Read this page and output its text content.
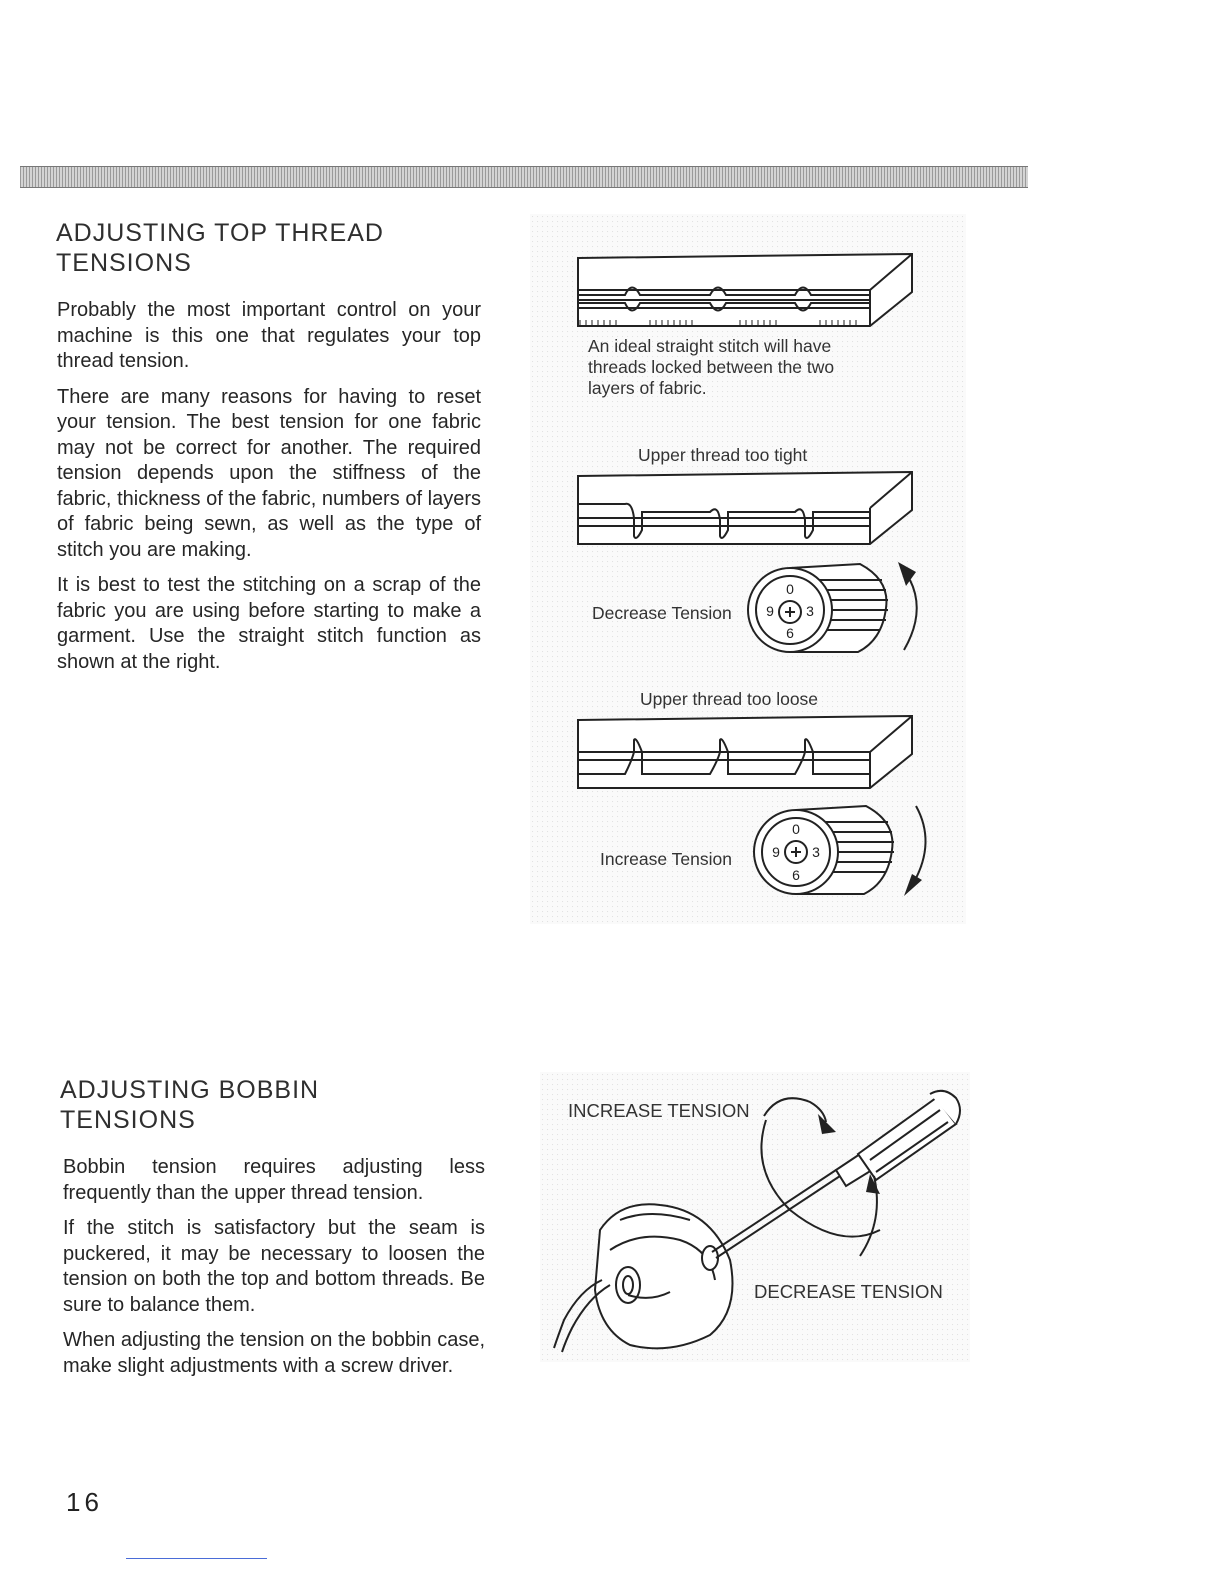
ADJUSTING TOP THREAD
TENSIONS

Probably the most important control on your machine is this one that regulates your top thread tension.

There are many reasons for having to reset your tension. The best tension for one fabric may not be correct for another. The required tension depends upon the stiffness of the fabric, thickness of the fabric, numbers of layers of fabric being sewn, as well as the type of stitch you are making.

It is best to test the stitching on a scrap of the fabric you are using before starting to make a garment. Use the straight stitch function as shown at the right.

An ideal straight stitch will have
threads locked between the two
layers of fabric.
Upper thread too tight
0
3
6
9
Decrease Tension
Upper thread too loose
0
3
6
9
Increase Tension
ADJUSTING BOBBIN
TENSIONS

Bobbin tension requires adjusting less frequently than the upper thread tension.

If the stitch is satisfactory but the seam is puckered, it may be necessary to loosen the tension on both the top and bottom threads. Be sure to balance them.

When adjusting the tension on the bobbin case, make slight adjustments with a screw driver.

INCREASE TENSION
DECREASE TENSION
16
